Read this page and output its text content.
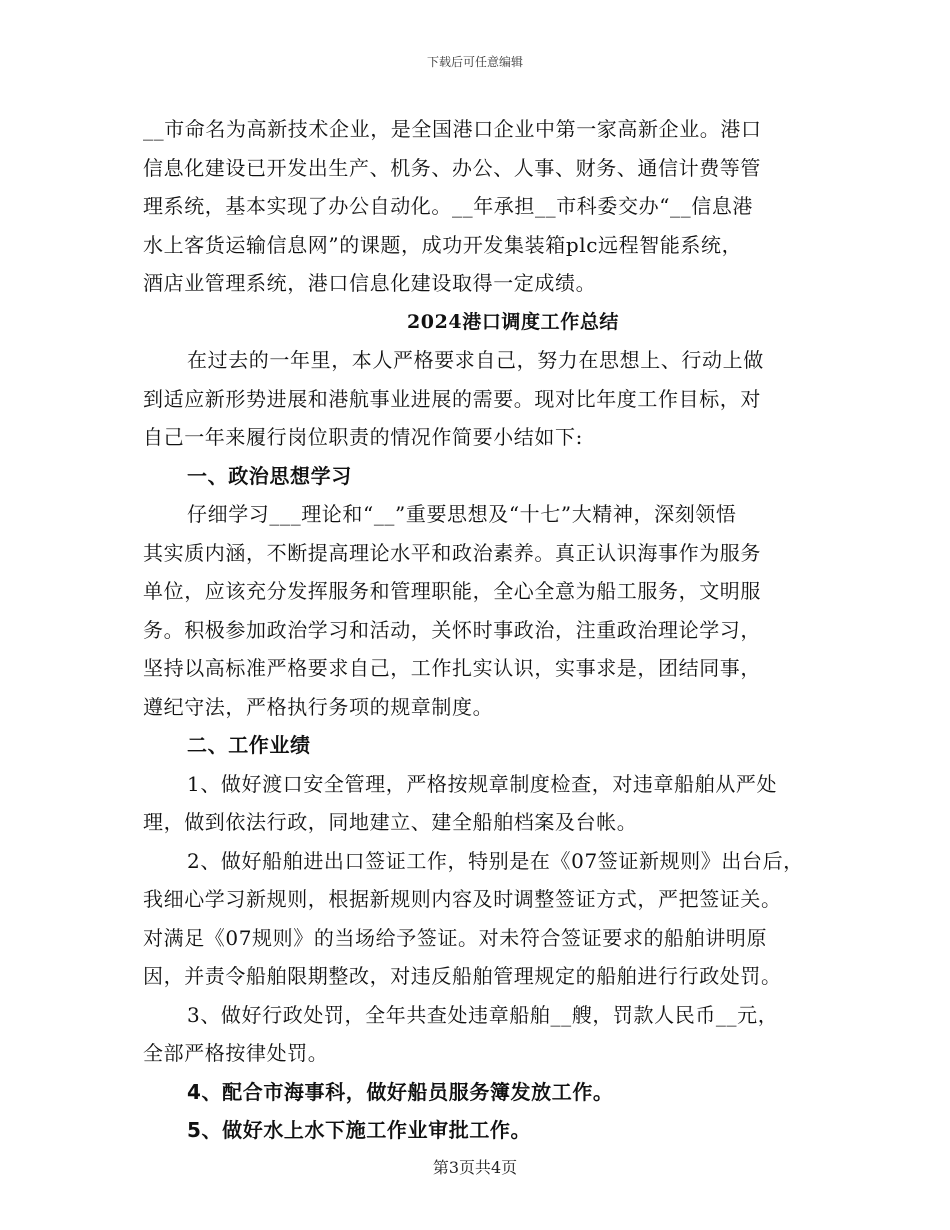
下载后可任意编辑
__市命名为高新技术企业，是全国港口企业中第一家高新企业。港口
信息化建设已开发出生产、机务、办公、人事、财务、通信计费等管
理系统，基本实现了办公自动化。__年承担__市科委交办“__信息港
水上客货运输信息网”的课题，成功开发集装箱plc远程智能系统，
酒店业管理系统，港口信息化建设取得一定成绩。
2024港口调度工作总结
在过去的一年里，本人严格要求自己，努力在思想上、行动上做
到适应新形势进展和港航事业进展的需要。现对比年度工作目标，对
自己一年来履行岗位职责的情况作简要小结如下:
一、政治思想学习
仔细学习___理论和“__”重要思想及“十七”大精神，深刻领悟
其实质内涵，不断提高理论水平和政治素养。真正认识海事作为服务
单位，应该充分发挥服务和管理职能，全心全意为船工服务，文明服
务。积极参加政治学习和活动，关怀时事政治，注重政治理论学习，
坚持以高标准严格要求自己，工作扎实认识，实事求是，团结同事，
遵纪守法，严格执行务项的规章制度。
二、工作业绩
1、做好渡口安全管理，严格按规章制度检查，对违章船舶从严处
理，做到依法行政，同地建立、建全船舶档案及台帐。
2、做好船舶进出口签证工作，特别是在《07签证新规则》出台后，
我细心学习新规则，根据新规则内容及时调整签证方式，严把签证关。
对满足《07规则》的当场给予签证。对未符合签证要求的船舶讲明原
因，并责令船舶限期整改，对违反船舶管理规定的船舶进行行政处罚。
3、做好行政处罚，全年共查处违章船舶__艘，罚款人民币__元，
全部严格按律处罚。
4、配合市海事科，做好船员服务簿发放工作。
5、做好水上水下施工作业审批工作。
第3页共4页
